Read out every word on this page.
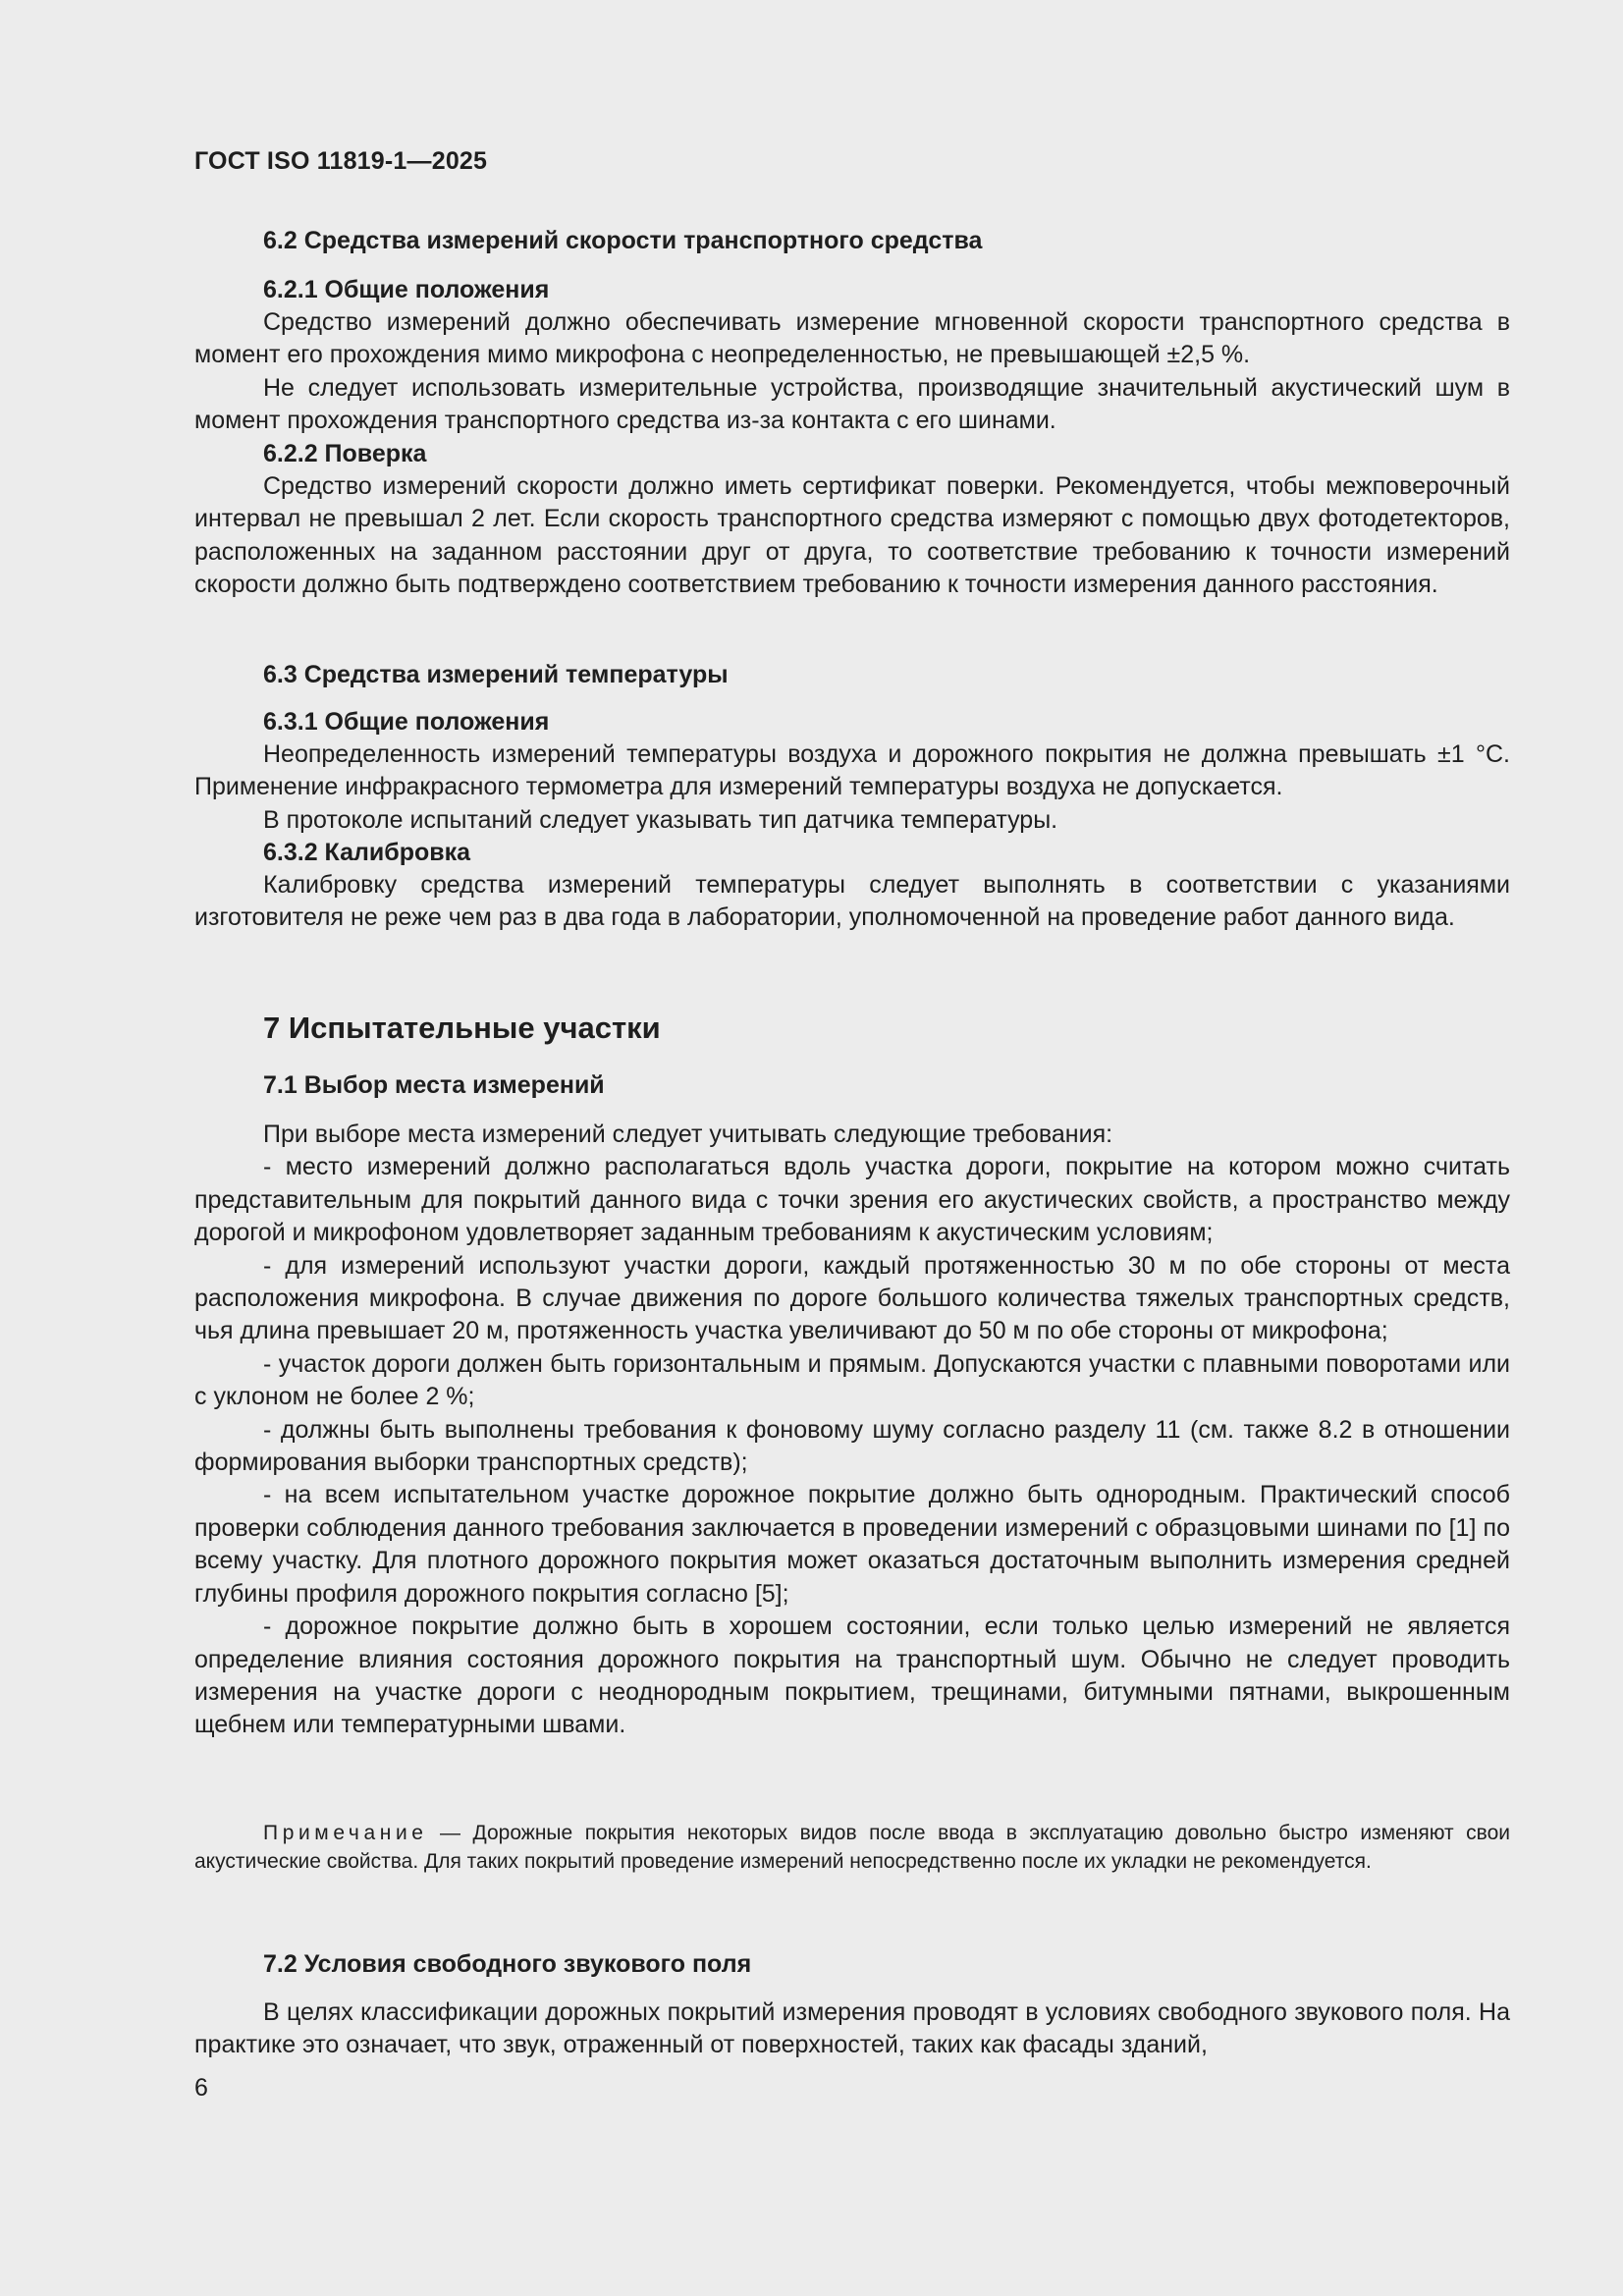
ГОСТ ISO 11819-1—2025
6.2 Средства измерений скорости транспортного средства
6.2.1 Общие положения

Средство измерений должно обеспечивать измерение мгновенной скорости транспортного средства в момент его прохождения мимо микрофона с неопределенностью, не превышающей ±2,5 %.

Не следует использовать измерительные устройства, производящие значительный акустический шум в момент прохождения транспортного средства из-за контакта с его шинами.

6.2.2 Поверка

Средство измерений скорости должно иметь сертификат поверки. Рекомендуется, чтобы межповерочный интервал не превышал 2 лет. Если скорость транспортного средства измеряют с помощью двух фотодетекторов, расположенных на заданном расстоянии друг от друга, то соответствие требованию к точности измерений скорости должно быть подтверждено соответствием требованию к точности измерения данного расстояния.

6.3 Средства измерений температуры
6.3.1 Общие положения

Неопределенность измерений температуры воздуха и дорожного покрытия не должна превышать ±1 °С. Применение инфракрасного термометра для измерений температуры воздуха не допускается.

В протоколе испытаний следует указывать тип датчика температуры.

6.3.2 Калибровка

Калибровку средства измерений температуры следует выполнять в соответствии с указаниями изготовителя не реже чем раз в два года в лаборатории, уполномоченной на проведение работ данного вида.

7 Испытательные участки
7.1 Выбор места измерений

При выборе места измерений следует учитывать следующие требования:

- место измерений должно располагаться вдоль участка дороги, покрытие на котором можно считать представительным для покрытий данного вида с точки зрения его акустических свойств, а пространство между дорогой и микрофоном удовлетворяет заданным требованиям к акустическим условиям;

- для измерений используют участки дороги, каждый протяженностью 30 м по обе стороны от места расположения микрофона. В случае движения по дороге большого количества тяжелых транспортных средств, чья длина превышает 20 м, протяженность участка увеличивают до 50 м по обе стороны от микрофона;

- участок дороги должен быть горизонтальным и прямым. Допускаются участки с плавными поворотами или с уклоном не более 2 %;

- должны быть выполнены требования к фоновому шуму согласно разделу 11 (см. также 8.2 в отношении формирования выборки транспортных средств);

- на всем испытательном участке дорожное покрытие должно быть однородным. Практический способ проверки соблюдения данного требования заключается в проведении измерений с образцовыми шинами по [1] по всему участку. Для плотного дорожного покрытия может оказаться достаточным выполнить измерения средней глубины профиля дорожного покрытия согласно [5];

- дорожное покрытие должно быть в хорошем состоянии, если только целью измерений не является определение влияния состояния дорожного покрытия на транспортный шум. Обычно не следует проводить измерения на участке дороги с неоднородным покрытием, трещинами, битумными пятнами, выкрошенным щебнем или температурными швами.

Примечание — Дорожные покрытия некоторых видов после ввода в эксплуатацию довольно быстро изменяют свои акустические свойства. Для таких покрытий проведение измерений непосредственно после их укладки не рекомендуется.

7.2 Условия свободного звукового поля

В целях классификации дорожных покрытий измерения проводят в условиях свободного звукового поля. На практике это означает, что звук, отраженный от поверхностей, таких как фасады зданий,

6
